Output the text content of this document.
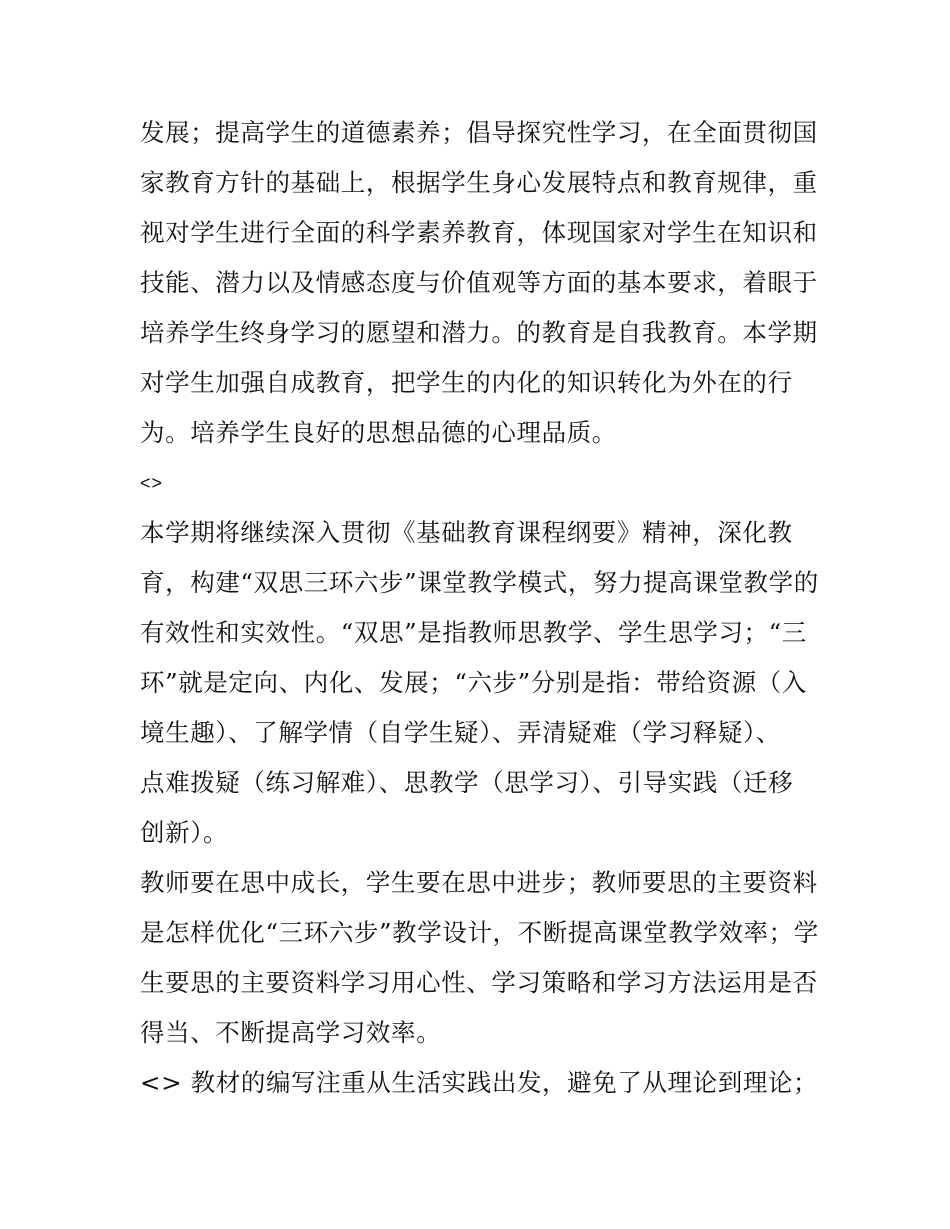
发展；提高学生的道德素养；倡导探究性学习，在全面贯彻国
家教育方针的基础上，根据学生身心发展特点和教育规律，重
视对学生进行全面的科学素养教育，体现国家对学生在知识和
技能、潜力以及情感态度与价值观等方面的基本要求，着眼于
培养学生终身学习的愿望和潜力。的教育是自我教育。本学期
对学生加强自成教育，把学生的内化的知识转化为外在的行
为。培养学生良好的思想品德的心理品质。
<>
本学期将继续深入贯彻《基础教育课程纲要》精神，深化教
育，构建“双思三环六步”课堂教学模式，努力提高课堂教学的
有效性和实效性。“双思”是指教师思教学、学生思学习；“三
环”就是定向、内化、发展；“六步”分别是指：带给资源（入
境生趣）、了解学情（自学生疑）、弄清疑难（学习释疑）、
点难拨疑（练习解难）、思教学（思学习）、引导实践（迁移
创新）。
教师要在思中成长，学生要在思中进步；教师要思的主要资料
是怎样优化“三环六步”教学设计，不断提高课堂教学效率；学
生要思的主要资料学习用心性、学习策略和学习方法运用是否
得当、不断提高学习效率。
<> 教材的编写注重从生活实践出发，避免了从理论到理论；
